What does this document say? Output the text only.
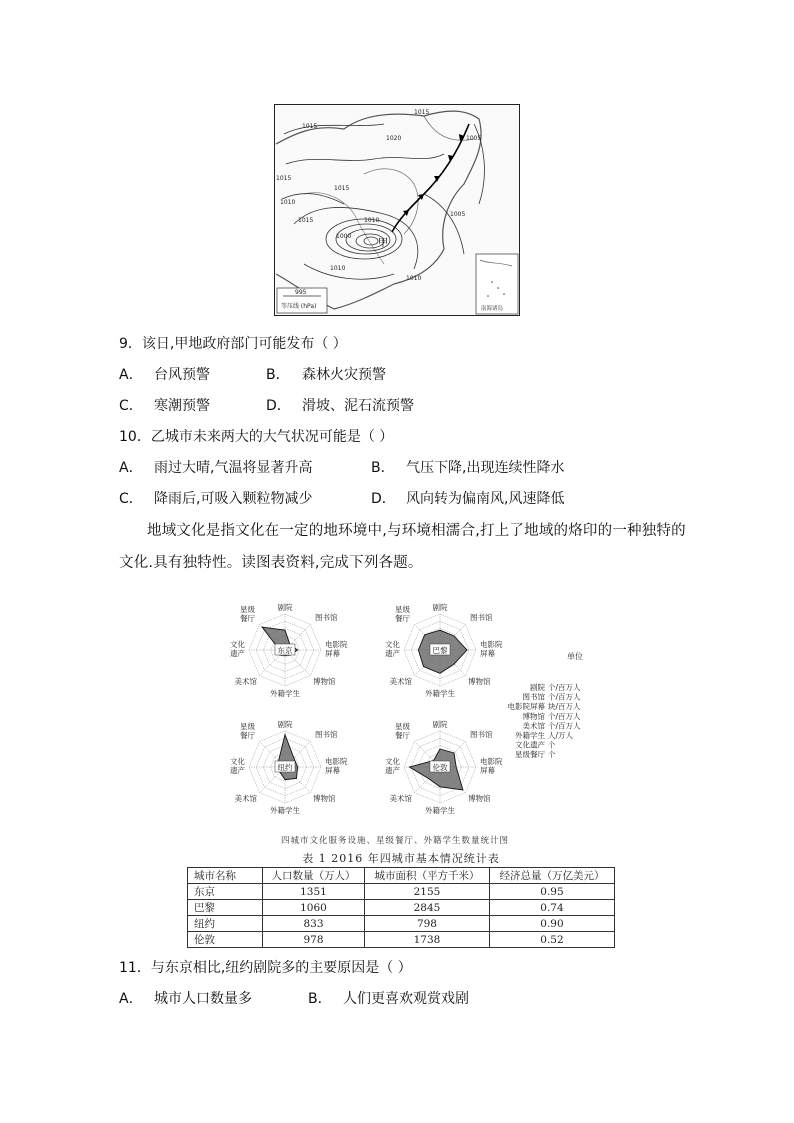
1015
1015
1020
1015
1010
1015	1010
1010
1000
1005
1005
1015
1010
甲
995
等压线 (hPa)	南海诸岛
9．该日,甲地政府部门可能发布（ ）
A． 台风预警	B． 森林火灾预警
C． 寒潮预警	D． 滑坡、泥石流预警
10．乙城市未来两大的大气状况可能是（ ）
A． 雨过大晴,气温将显著升高	B． 气压下降,出现连续性降水
C． 降雨后,可吸入颗粒物减少	D． 风向转为偏南风,风速降低
地域文化是指文化在一定的地环境中,与环境相濡合,打上了地域的烙印的一种独特的
文化.具有独特性。读图表资料,完成下列各题。
东京
剧院
图书馆
电影院
屏幕
博物馆
外籍学生
美术馆
文化
遗产
星级
餐厅
巴黎
剧院
图书馆
电影院
屏幕
博物馆
外籍学生
美术馆
文化
遗产
星级
餐厅
纽约
剧院
图书馆
电影院
屏幕
博物馆
外籍学生
美术馆
文化
遗产
星级
餐厅
伦敦
剧院
图书馆
电影院
屏幕
博物馆
外籍学生
美术馆
文化
遗产
星级
餐厅
单位
剧院 个/百万人
图书馆 个/百万人
电影院屏幕 块/百万人
博物馆 个/百万人
美术馆 个/百万人
外籍学生 人/万人
文化遗产 个
星级餐厅 个
四城市文化服务设施、星级餐厅、外籍学生数量统计图
表 1 2016 年四城市基本情况统计表
城市名称	人口数量（万人）	城市面积（平方千米）	经济总量（万亿美元）
东京	1351	2155	0.95
巴黎	1060	2845	0.74
纽约	833	798	0.90
伦敦	978	1738	0.52
11．与东京相比,纽约剧院多的主要原因是（ ）
A． 城市人口数量多	B． 人们更喜欢观赏戏剧
